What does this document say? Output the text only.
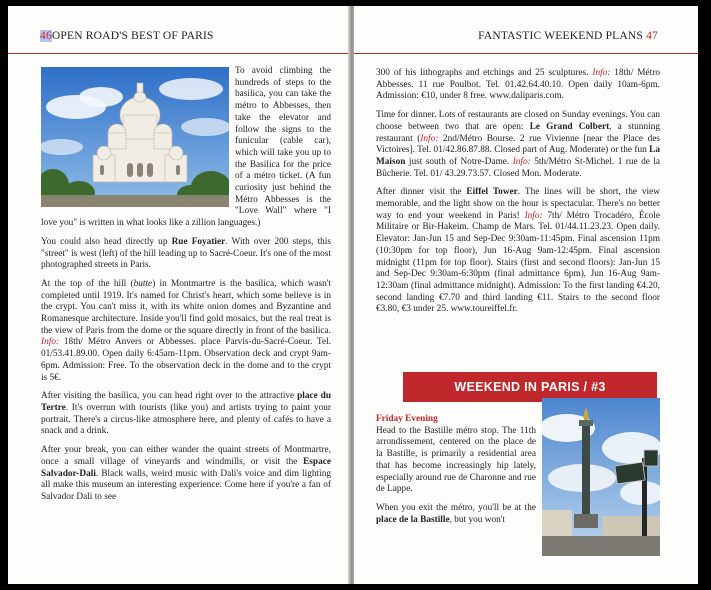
46OPEN ROAD'S BEST OF PARIS

To avoid climbing the hundreds of steps to the basilica, you can take the métro to Abbesses, then take the elevator and follow the signs to the funicular (cable car), which will take you up to the Basilica for the price of a métro ticket. (A fun curiosity just behind the Métro Abbesses is the "Love Wall" where "I love you" is written in what looks like a zillion languages.)

You could also head directly up Rue Foyatier. With over 200 steps, this "street" is west (left) of the hill leading up to Sacré-Coeur. It's one of the most photographed streets in Paris.

At the top of the hill (butte) in Montmartre is the basilica, which wasn't completed until 1919. It's named for Christ's heart, which some believe is in the crypt. You can't miss it, with its white onion domes and Byzantine and Romanesque architecture. Inside you'll find gold mosaics, but the real treat is the view of Paris from the dome or the square directly in front of the basilica. Info: 18th/ Métro Anvers or Abbesses. place Parvis-du-Sacré-Coeur. Tel. 01/53.41.89.00. Open daily 6:45am-11pm. Observation deck and crypt 9am-6pm. Admission: Free. To the observation deck in the dome and to the crypt is 5€.

After visiting the basilica, you can head right over to the attractive place du Tertre. It's overrun with tourists (like you) and artists trying to paint your portrait. There's a circus-like atmosphere here, and plenty of cafés to have a snack and a drink.

After your break, you can either wander the quaint streets of Montmartre, once a small village of vineyards and windmills, or visit the Espace Salvador-Dali. Black walls, weird music with Dali's voice and dim lighting all make this museum an interesting experience. Come here if you're a fan of Salvador Dali to see

FANTASTIC WEEKEND PLANS 47

300 of his lithographs and etchings and 25 sculptures. Info: 18th/ Métro Abbesses. 11 rue Poulbot. Tel. 01.42.64.40.10. Open daily 10am-6pm. Admission: €10, under 8 free. www.daliparis.com.

Time for dinner. Lots of restaurants are closed on Sunday evenings. You can choose between two that are open: Le Grand Colbert, a stunning restaurant (Info: 2nd/Métro Bourse. 2 rue Vivienne [near the Place des Victoires]. Tel. 01/42.86.87.88. Closed part of Aug. Moderate) or the fun La Maison just south of Notre-Dame. Info: 5th/Métro St-Michel. 1 rue de la Bûcherie. Tel. 01/ 43.29.73.57. Closed Mon. Moderate.

After dinner visit the Eiffel Tower. The lines will be short, the view memorable, and the light show on the hour is spectacular. There's no better way to end your weekend in Paris! Info: 7th/ Métro Trocadéro, École Militaire or Bir-Hakeim. Champ de Mars. Tel. 01/44.11.23.23. Open daily. Elevator: Jan-Jun 15 and Sep-Dec 9:30am-11:45pm. Final ascension 11pm (10:30pm for top floor), Jun 16-Aug 9am-12:45pm. Final ascension midnight (11pm for top floor). Stairs (first and second floors): Jan-Jun 15 and Sep-Dec 9:30am-6:30pm (final admittance 6pm), Jun 16-Aug 9am-12:30am (final admittance midnight). Admission: To the first landing €4.20, second landing €7.70 and third landing €11. Stairs to the second floor €3.80, €3 under 25. www.toureiffel.fr.

WEEKEND IN PARIS / #3
Friday Evening

Head to the Bastille métro stop. The 11th arrondissement, centered on the place de la Bastille, is primarily a residential area that has become increasingly hip lately, especially around rue de Charonne and rue de Lappe.

When you exit the métro, you'll be at the place de la Bastille, but you won't
